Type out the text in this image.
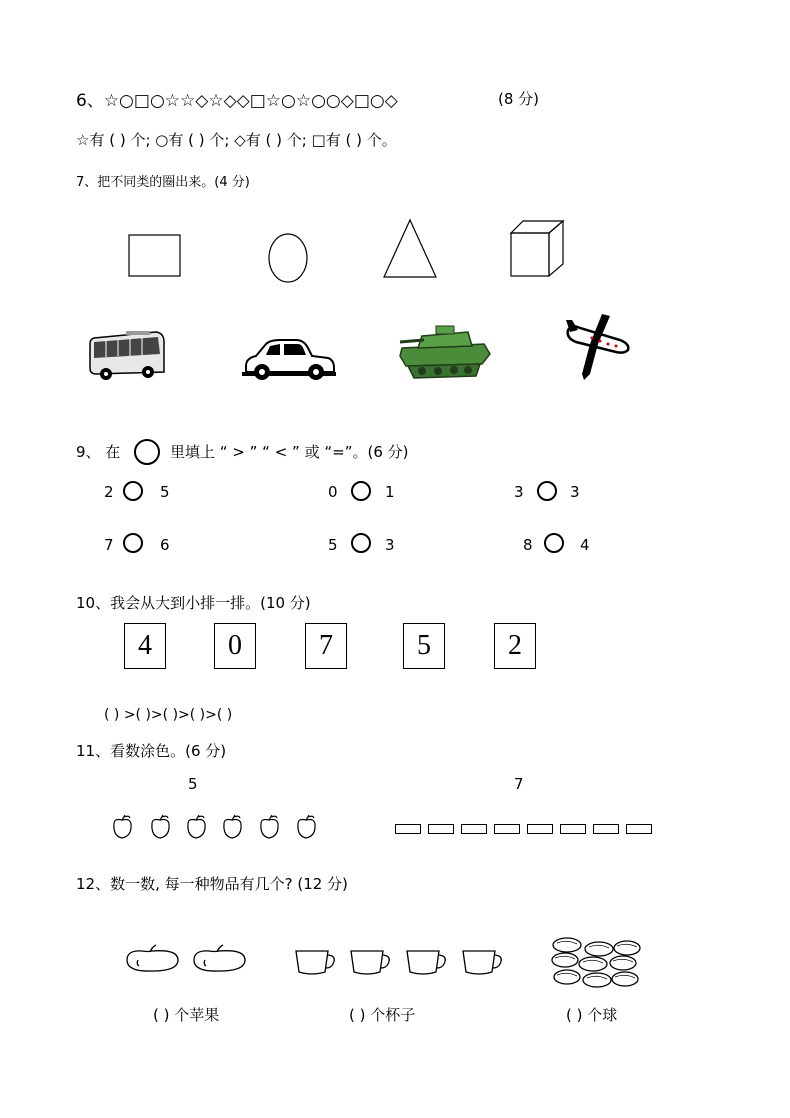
6、☆○□○☆☆◇☆◇◇□☆○☆○○◇□○◇	(8 分)
☆有 ( ) 个; ○有 ( ) 个; ◇有 ( ) 个; □有 ( ) 个。
7、把不同类的圈出来。(4 分)
9、 在	里填上 “ > ” “ < ” 或 “=”。(6 分)
2	5	0	1	3	3
7	6	5	3	8	4
10、我会从大到小排一排。(10 分)
4	0	7	5	2
( ) >( )>( )>( )>( )
11、看数涂色。(6 分)
5	7
12、数一数, 每一种物品有几个? (12 分)
( ) 个苹果	( ) 个杯子	( ) 个球
